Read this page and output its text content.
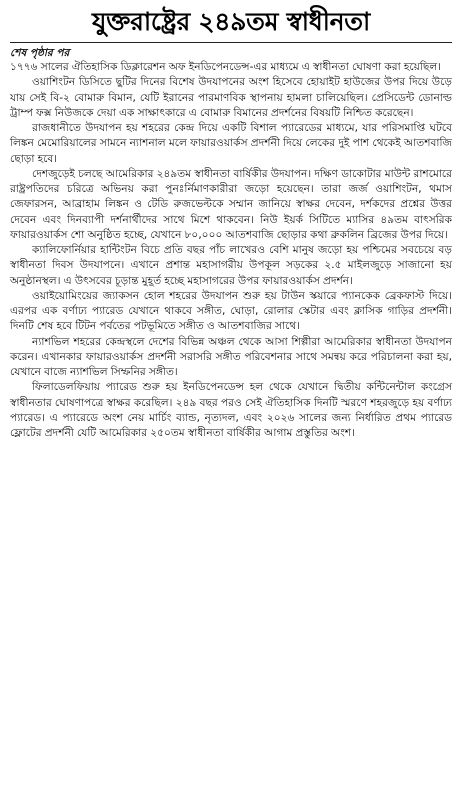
যুক্তরাষ্ট্রের ২৪৯তম স্বাধীনতা
শেষ পৃষ্ঠার পর

১৭৭৬ সালের ঐতিহাসিক ডিক্লারেশন অফ ইনডিপেনডেন্স-এর মাধ্যমে এ স্বাধীনতা ঘোষণা করা হয়েছিল।

ওয়াশিংটন ডিসিতে ছুটির দিনের বিশেষ উদযাপনের অংশ হিসেবে হোয়াইট হাউজের উপর দিয়ে উড়ে যায় সেই বি-২ বোমারু বিমান, যেটি ইরানের পারমাণবিক স্থাপনায় হামলা চালিয়েছিল। প্রেসিডেন্ট ডোনাল্ড ট্রাম্প ফক্স নিউজকে দেয়া এক সাক্ষাৎকারে এ বোমারু বিমানের প্রদর্শনের বিষয়টি নিশ্চিত করেছেন।

রাজধানীতে উদযাপন হয় শহরের কেন্দ্র দিয়ে একটি বিশাল প্যারেডের মাধ্যমে, যার পরিসমাপ্তি ঘটবে লিঙ্কন মেমোরিয়ালের সামনে ন্যাশনাল মলে ফায়ারওয়ার্কস প্রদর্শনী দিয়ে লেকের দুই পাশ থেকেই আতশবাজি ছোড়া হবে।

দেশজুড়েই চলছে আমেরিকার ২৪৯তম স্বাধীনতা বার্ষিকীর উদযাপন। দক্ষিণ ডাকোটার মাউন্ট রাশমোরে রাষ্ট্রপতিদের চরিত্রে অভিনয় করা পুনঃর্নিমাণকারীরা জড়ো হয়েছেন। তারা জর্জ ওয়াশিংটন, থমাস জেফারসন, আব্রাহাম লিঙ্কন ও টেডি রুজভেল্টকে সম্মান জানিয়ে স্বাক্ষর দেবেন, দর্শকদের প্রশ্নের উত্তর দেবেন এবং দিনব্যাপী দর্শনার্থীদের সাথে মিশে থাকবেন। নিউ ইয়র্ক সিটিতে ম্যাসির ৪৯তম বাৎসরিক ফায়ারওয়ার্কস শো অনুষ্ঠিত হচ্ছে, যেখানে ৮০,০০০ আতশবাজি ছোড়ার কথা ব্রুকলিন ব্রিজের উপর দিয়ে।

ক্যালিফোর্নিয়ার হান্টিংটন বিচে প্রতি বছর পাঁচ লাখেরও বেশি মানুষ জড়ো হয় পশ্চিমের সবচেয়ে বড় স্বাধীনতা দিবস উদযাপনে। এখানে প্রশান্ত মহাসাগরীয় উপকূল সড়কের ২.৫ মাইলজুড়ে সাজানো হয় অনুষ্ঠানস্থল। এ উৎসবের চূড়ান্ত মুহূর্ত হচ্ছে মহাসাগরের উপর ফায়ারওয়ার্কস প্রদর্শন।

ওয়াইয়োমিংয়ের জ্যাকসন হোল শহরের উদযাপন শুরু হয় টাউন স্কয়ারে প্যানকেক ব্রেকফাস্ট দিয়ে। এরপর এক বর্ণাঢ্য প্যারেড যেখানে থাকবে সঙ্গীত, ঘোড়া, রোলার স্কেটার এবং ক্লাসিক গাড়ির প্রদর্শনী। দিনটি শেষ হবে টিটন পর্বতের পটভূমিতে সঙ্গীত ও আতশবাজির সাথে।

ন্যাশভিল শহরের কেন্দ্রস্থলে দেশের বিভিন্ন অঞ্চল থেকে আসা শিল্পীরা আমেরিকার স্বাধীনতা উদযাপন করেন। এখানকার ফায়ারওয়ার্কস প্রদর্শনী সরাসরি সঙ্গীত পরিবেশনার সাথে সমন্বয় করে পরিচালনা করা হয়, যেখানে বাজে ন্যাশভিল সিম্ফনির সঙ্গীত।

ফিলাডেলফিয়ায় প্যারেড শুরু হয় ইনডিপেনডেন্স হল থেকে যেখানে দ্বিতীয় কন্টিনেন্টাল কংগ্রেস স্বাধীনতার ঘোষণাপত্রে স্বাক্ষর করেছিল। ২৪৯ বছর পরও সেই ঐতিহাসিক দিনটি স্মরণে শহরজুড়ে হয় বর্ণাঢ্য প্যারেড। এ প্যারেডে অংশ নেয় মার্চিং ব্যান্ড, নৃত্যদল, এবং ২০২৬ সালের জন্য নির্ধারিত প্রথম প্যারেড ফ্লোটের প্রদর্শনী যেটি আমেরিকার ২৫০তম স্বাধীনতা বার্ষিকীর আগাম প্রস্তুতির অংশ।
